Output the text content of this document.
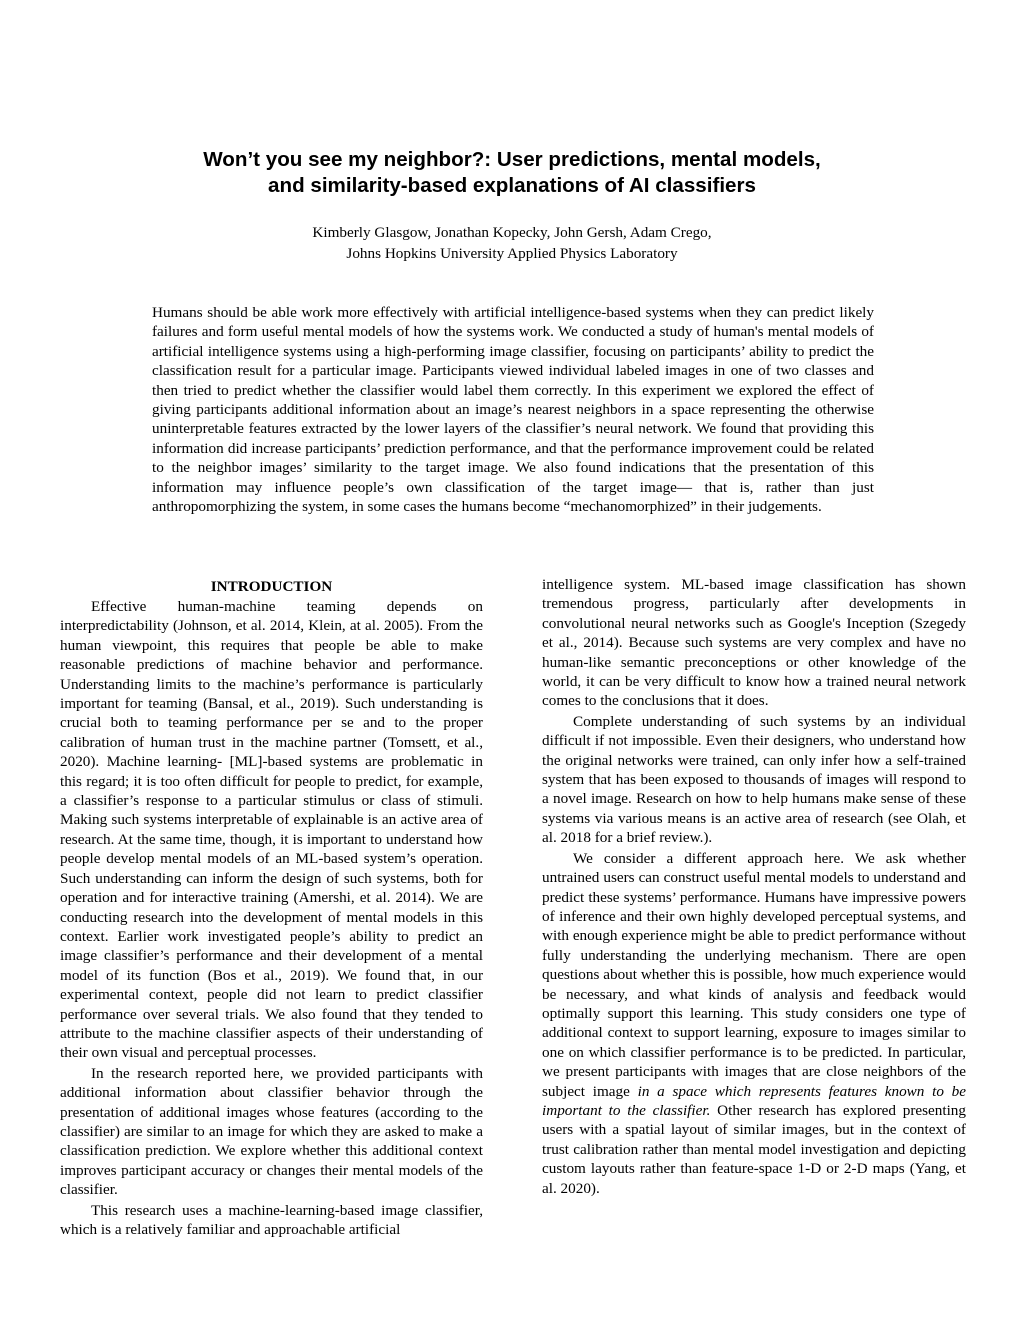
Won’t you see my neighbor?: User predictions, mental models,
and similarity-based explanations of AI classifiers
Kimberly Glasgow, Jonathan Kopecky, John Gersh, Adam Crego,
Johns Hopkins University Applied Physics Laboratory

Humans should be able work more effectively with artificial intelligence-based systems when they can predict likely failures and form useful mental models of how the systems work. We conducted a study of human's mental models of artificial intelligence systems using a high-performing image classifier, focusing on participants’ ability to predict the classification result for a particular image. Participants viewed individual labeled images in one of two classes and then tried to predict whether the classifier would label them correctly. In this experiment we explored the effect of giving participants additional information about an image’s nearest neighbors in a space representing the otherwise uninterpretable features extracted by the lower layers of the classifier’s neural network. We found that providing this information did increase participants’ prediction performance, and that the performance improvement could be related to the neighbor images’ similarity to the target image. We also found indications that the presentation of this information may influence people’s own classification of the target image— that is, rather than just anthropomorphizing the system, in some cases the humans become “mechanomorphized” in their judgements.

INTRODUCTION

Effective human-machine teaming depends on interpredictability (Johnson, et al. 2014, Klein, at al. 2005). From the human viewpoint, this requires that people be able to make reasonable predictions of machine behavior and performance. Understanding limits to the machine’s performance is particularly important for teaming (Bansal, et al., 2019). Such understanding is crucial both to teaming performance per se and to the proper calibration of human trust in the machine partner (Tomsett, et al., 2020). Machine learning- [ML]-based systems are problematic in this regard; it is too often difficult for people to predict, for example, a classifier’s response to a particular stimulus or class of stimuli. Making such systems interpretable of explainable is an active area of research. At the same time, though, it is important to understand how people develop mental models of an ML-based system’s operation. Such understanding can inform the design of such systems, both for operation and for interactive training (Amershi, et al. 2014). We are conducting research into the development of mental models in this context. Earlier work investigated people’s ability to predict an image classifier’s performance and their development of a mental model of its function (Bos et al., 2019). We found that, in our experimental context, people did not learn to predict classifier performance over several trials. We also found that they tended to attribute to the machine classifier aspects of their understanding of their own visual and perceptual processes.

In the research reported here, we provided participants with additional information about classifier behavior through the presentation of additional images whose features (according to the classifier) are similar to an image for which they are asked to make a classification prediction. We explore whether this additional context improves participant accuracy or changes their mental models of the classifier.

This research uses a machine-learning-based image classifier, which is a relatively familiar and approachable artificial

intelligence system. ML-based image classification has shown tremendous progress, particularly after developments in convolutional neural networks such as Google's Inception (Szegedy et al., 2014). Because such systems are very complex and have no human-like semantic preconceptions or other knowledge of the world, it can be very difficult to know how a trained neural network comes to the conclusions that it does.

Complete understanding of such systems by an individual difficult if not impossible. Even their designers, who understand how the original networks were trained, can only infer how a self-trained system that has been exposed to thousands of images will respond to a novel image. Research on how to help humans make sense of these systems via various means is an active area of research (see Olah, et al. 2018 for a brief review.).

We consider a different approach here. We ask whether untrained users can construct useful mental models to understand and predict these systems’ performance. Humans have impressive powers of inference and their own highly developed perceptual systems, and with enough experience might be able to predict performance without fully understanding the underlying mechanism. There are open questions about whether this is possible, how much experience would be necessary, and what kinds of analysis and feedback would optimally support this learning. This study considers one type of additional context to support learning, exposure to images similar to one on which classifier performance is to be predicted. In particular, we present participants with images that are close neighbors of the subject image in a space which represents features known to be important to the classifier. Other research has explored presenting users with a spatial layout of similar images, but in the context of trust calibration rather than mental model investigation and depicting custom layouts rather than feature-space 1-D or 2-D maps (Yang, et al. 2020).
